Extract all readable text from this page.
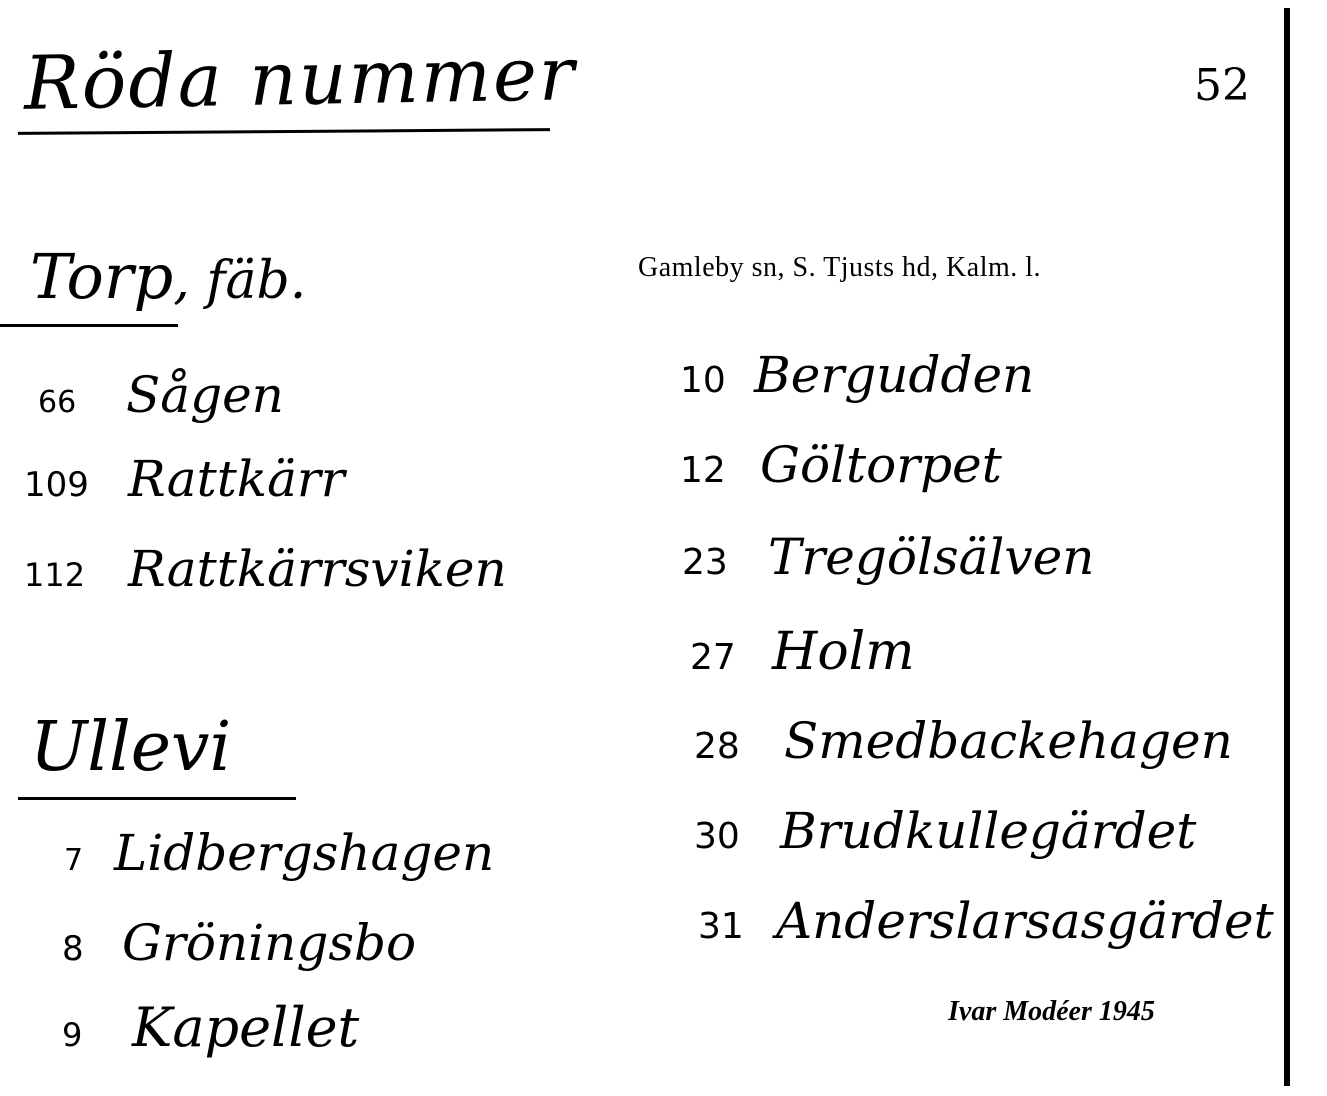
Röda nummer	52
Torp, fäb.
66 Sågen
109 Rattkärr
112 Rattkärrsviken
Ullevi
7 Lidbergshagen
8 Gröningsbo
9 Kapellet
Gamleby sn, S. Tjusts hd, Kalm. l.
10 Bergudden
12 Göltorpet
23 Tregölsälven
27 Holm
28 Smedbackehagen
30 Brudkullegärdet
31 Anderslarsasgärdet
Ivar Modéer 1945
